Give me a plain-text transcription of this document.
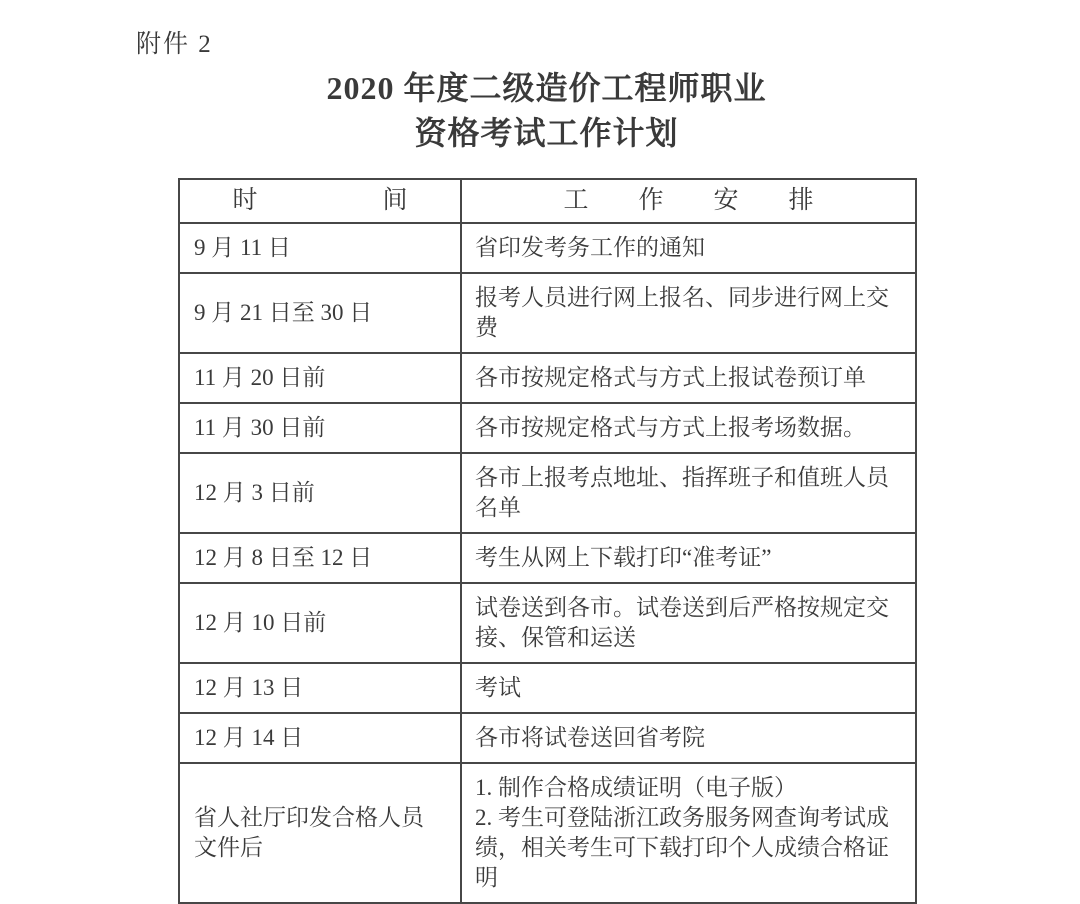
附件 2
2020 年度二级造价工程师职业
资格考试工作计划
时　　　　　间	工　　作　　安　　排
9 月 11 日	省印发考务工作的通知

9 月 21 日至 30 日	报考人员进行网上报名、同步进行网上交费

11 月 20 日前	各市按规定格式与方式上报试卷预订单

11 月 30 日前	各市按规定格式与方式上报考场数据。

12 月 3 日前	各市上报考点地址、指挥班子和值班人员名单

12 月 8 日至 12 日	考生从网上下载打印“准考证”

12 月 10 日前	试卷送到各市。试卷送到后严格按规定交接、保管和运送

12 月 13 日	考试

12 月 14 日	各市将试卷送回省考院

省人社厅印发合格人员文件后	1. 制作合格成绩证明（电子版）
2. 考生可登陆浙江政务服务网查询考试成绩，相关考生可下载打印个人成绩合格证明
